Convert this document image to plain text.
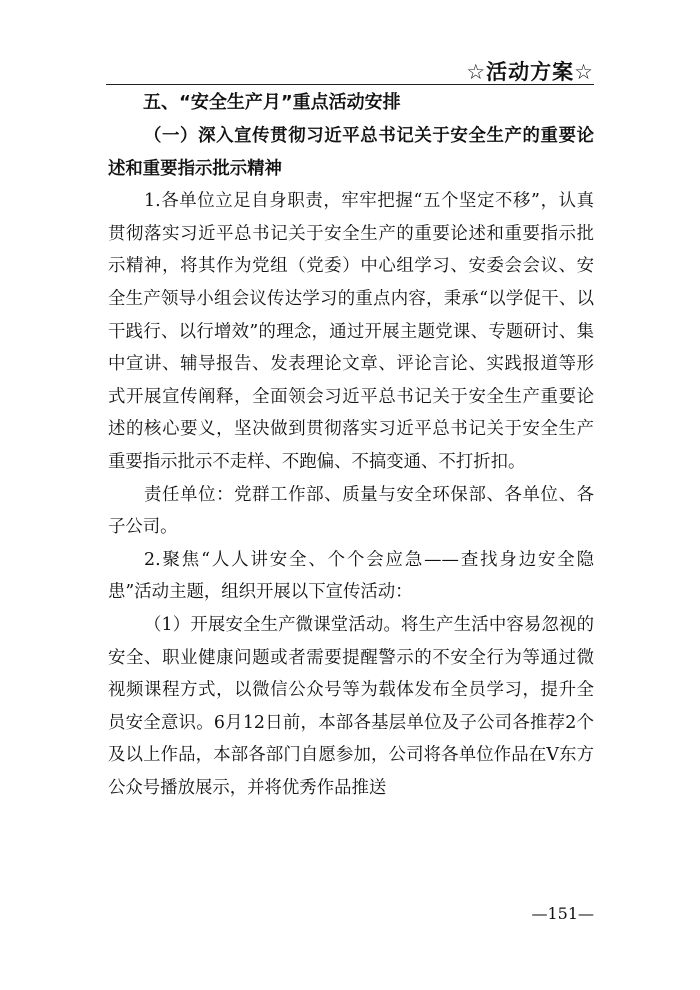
☆活动方案☆
五、“安全生产月”重点活动安排

（一）深入宣传贯彻习近平总书记关于安全生产的重要论述和重要指示批示精神

1.各单位立足自身职责，牢牢把握“五个坚定不移”，认真贯彻落实习近平总书记关于安全生产的重要论述和重要指示批示精神，将其作为党组（党委）中心组学习、安委会会议、安全生产领导小组会议传达学习的重点内容，秉承“以学促干、以干践行、以行增效”的理念，通过开展主题党课、专题研讨、集中宣讲、辅导报告、发表理论文章、评论言论、实践报道等形式开展宣传阐释，全面领会习近平总书记关于安全生产重要论述的核心要义，坚决做到贯彻落实习近平总书记关于安全生产重要指示批示不走样、不跑偏、不搞变通、不打折扣。

责任单位：党群工作部、质量与安全环保部、各单位、各子公司。

2.聚焦“人人讲安全、个个会应急——查找身边安全隐患”活动主题，组织开展以下宣传活动：

（1）开展安全生产微课堂活动。将生产生活中容易忽视的安全、职业健康问题或者需要提醒警示的不安全行为等通过微视频课程方式，以微信公众号等为载体发布全员学习，提升全员安全意识。6月12日前，本部各基层单位及子公司各推荐2个及以上作品，本部各部门自愿参加，公司将各单位作品在V东方公众号播放展示，并将优秀作品推送

—151—
